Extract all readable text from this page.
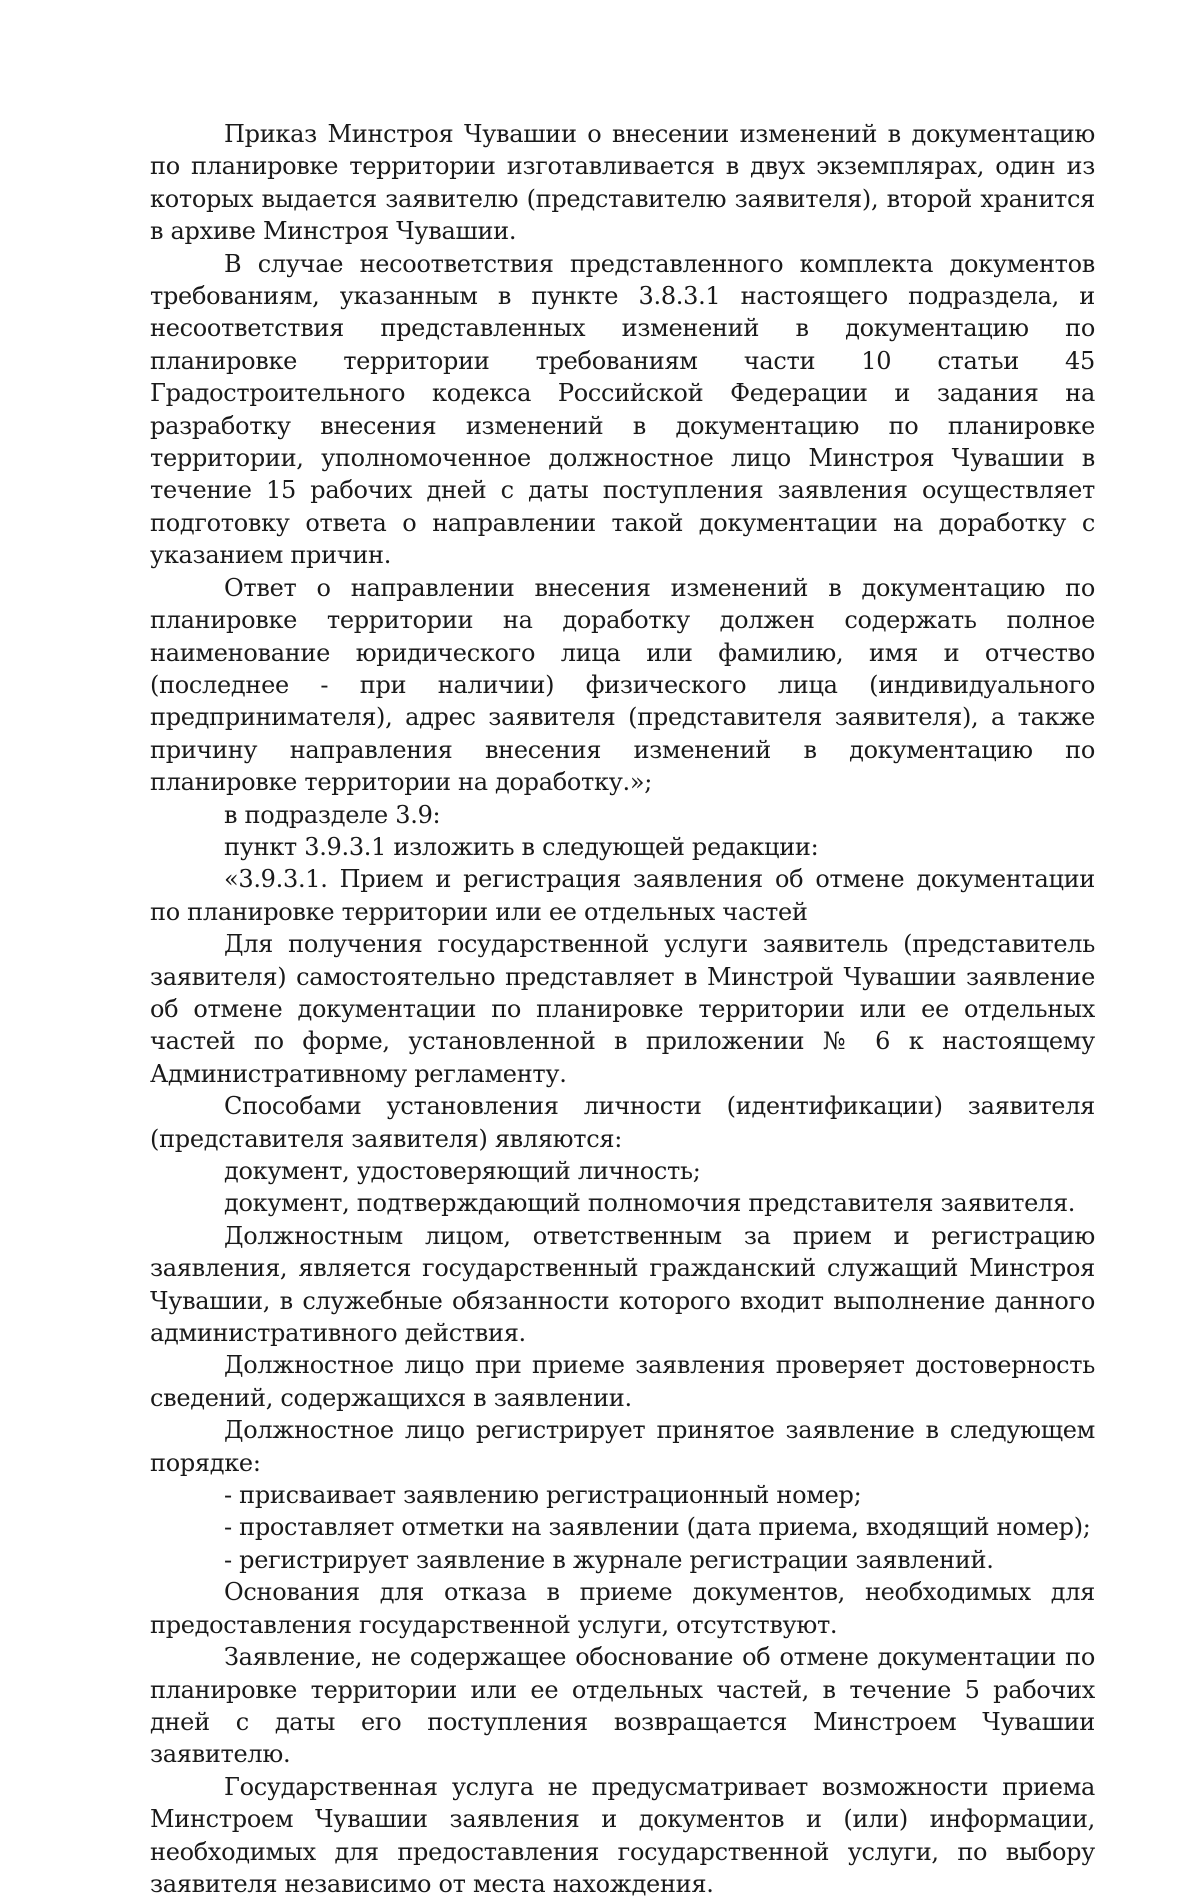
Приказ Минстроя Чувашии о внесении изменений в документацию по планировке территории изготавливается в двух экземплярах, один из которых выдается заявителю (представителю заявителя), второй хранится в архиве Минстроя Чувашии.

В случае несоответствия представленного комплекта документов требованиям, указанным в пункте 3.8.3.1 настоящего подраздела, и несоответствия представленных изменений в документацию по планировке территории требованиям части 10 статьи 45 Градостроительного кодекса Российской Федерации и задания на разработку внесения изменений в документацию по планировке территории, уполномоченное должностное лицо Минстроя Чувашии в течение 15 рабочих дней с даты поступления заявления осуществляет подготовку ответа о направлении такой документации на доработку с указанием причин.

Ответ о направлении внесения изменений в документацию по планировке территории на доработку должен содержать полное наименование юридического лица или фамилию, имя и отчество (последнее - при наличии) физического лица (индивидуального предпринимателя), адрес заявителя (представителя заявителя), а также причину направления внесения изменений в документацию по планировке территории на доработку.»;

в подразделе 3.9:

пункт 3.9.3.1 изложить в следующей редакции:

«3.9.3.1. Прием и регистрация заявления об отмене документации по планировке территории или ее отдельных частей

Для получения государственной услуги заявитель (представитель заявителя) самостоятельно представляет в Минстрой Чувашии заявление об отмене документации по планировке территории или ее отдельных частей по форме, установленной в приложении № 6 к настоящему Административному регламенту.

Способами установления личности (идентификации) заявителя (представителя заявителя) являются:

документ, удостоверяющий личность;

документ, подтверждающий полномочия представителя заявителя.

Должностным лицом, ответственным за прием и регистрацию заявления, является государственный гражданский служащий Минстроя Чувашии, в служебные обязанности которого входит выполнение данного административного действия.

Должностное лицо при приеме заявления проверяет достоверность сведений, содержащихся в заявлении.

Должностное лицо регистрирует принятое заявление в следующем порядке:

- присваивает заявлению регистрационный номер;

- проставляет отметки на заявлении (дата приема, входящий номер);

- регистрирует заявление в журнале регистрации заявлений.

Основания для отказа в приеме документов, необходимых для предоставления государственной услуги, отсутствуют.

Заявление, не содержащее обоснование об отмене документации по планировке территории или ее отдельных частей, в течение 5 рабочих дней с даты его поступления возвращается Минстроем Чувашии заявителю.

Государственная услуга не предусматривает возможности приема Минстроем Чувашии заявления и документов и (или) информации, необходимых для предоставления государственной услуги, по выбору заявителя независимо от места нахождения.
